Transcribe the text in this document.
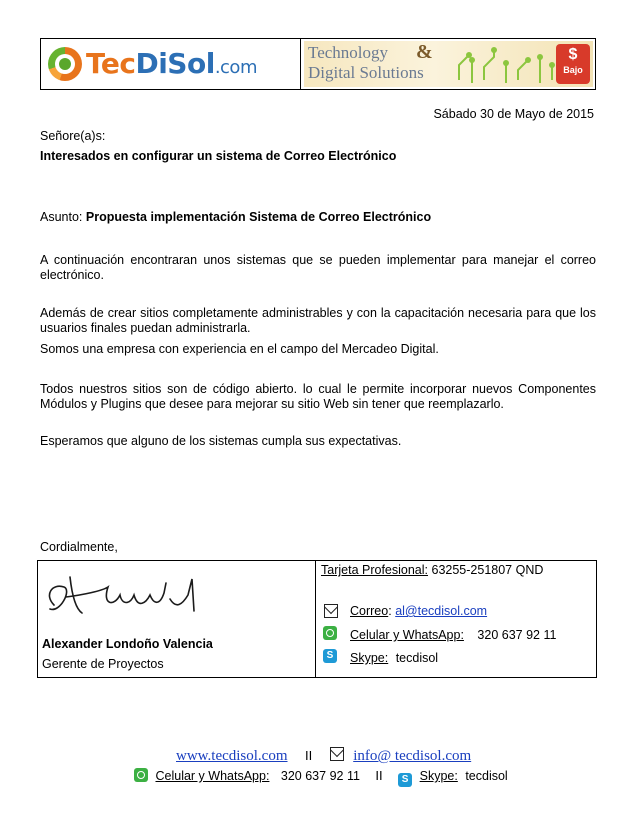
TecDiSol.com
Technology
Digital Solutions
&	$
Bajo
Sábado 30 de Mayo de 2015
Señore(a)s:
Interesados en configurar un sistema de Correo Electrónico
Asunto: Propuesta implementación Sistema de Correo Electrónico
A continuación encontraran unos sistemas que se pueden implementar para manejar el correo
electrónico.
Además de crear sitios completamente administrables y con la capacitación necesaria para que los
usuarios finales puedan administrarla.
Somos una empresa con experiencia en el campo del Mercadeo Digital.
Todos nuestros sitios son de código abierto. lo cual le permite incorporar nuevos Componentes
Módulos y Plugins que desee para mejorar su sitio Web sin tener que reemplazarlo.
Esperamos que alguno de los sistemas cumpla sus expectativas.
Cordialmente,
Alexander Londoño Valencia
Gerente de Proyectos
Tarjeta Profesional: 63255-251807 QND
Correo: al@tecdisol.com
Celular y WhatsApp: 320 637 92 11
S Skype: tecdisol
www.tecdisol.com II	info@ tecdisol.com
Celular y WhatsApp: 320 637 92 11 II S Skype: tecdisol
